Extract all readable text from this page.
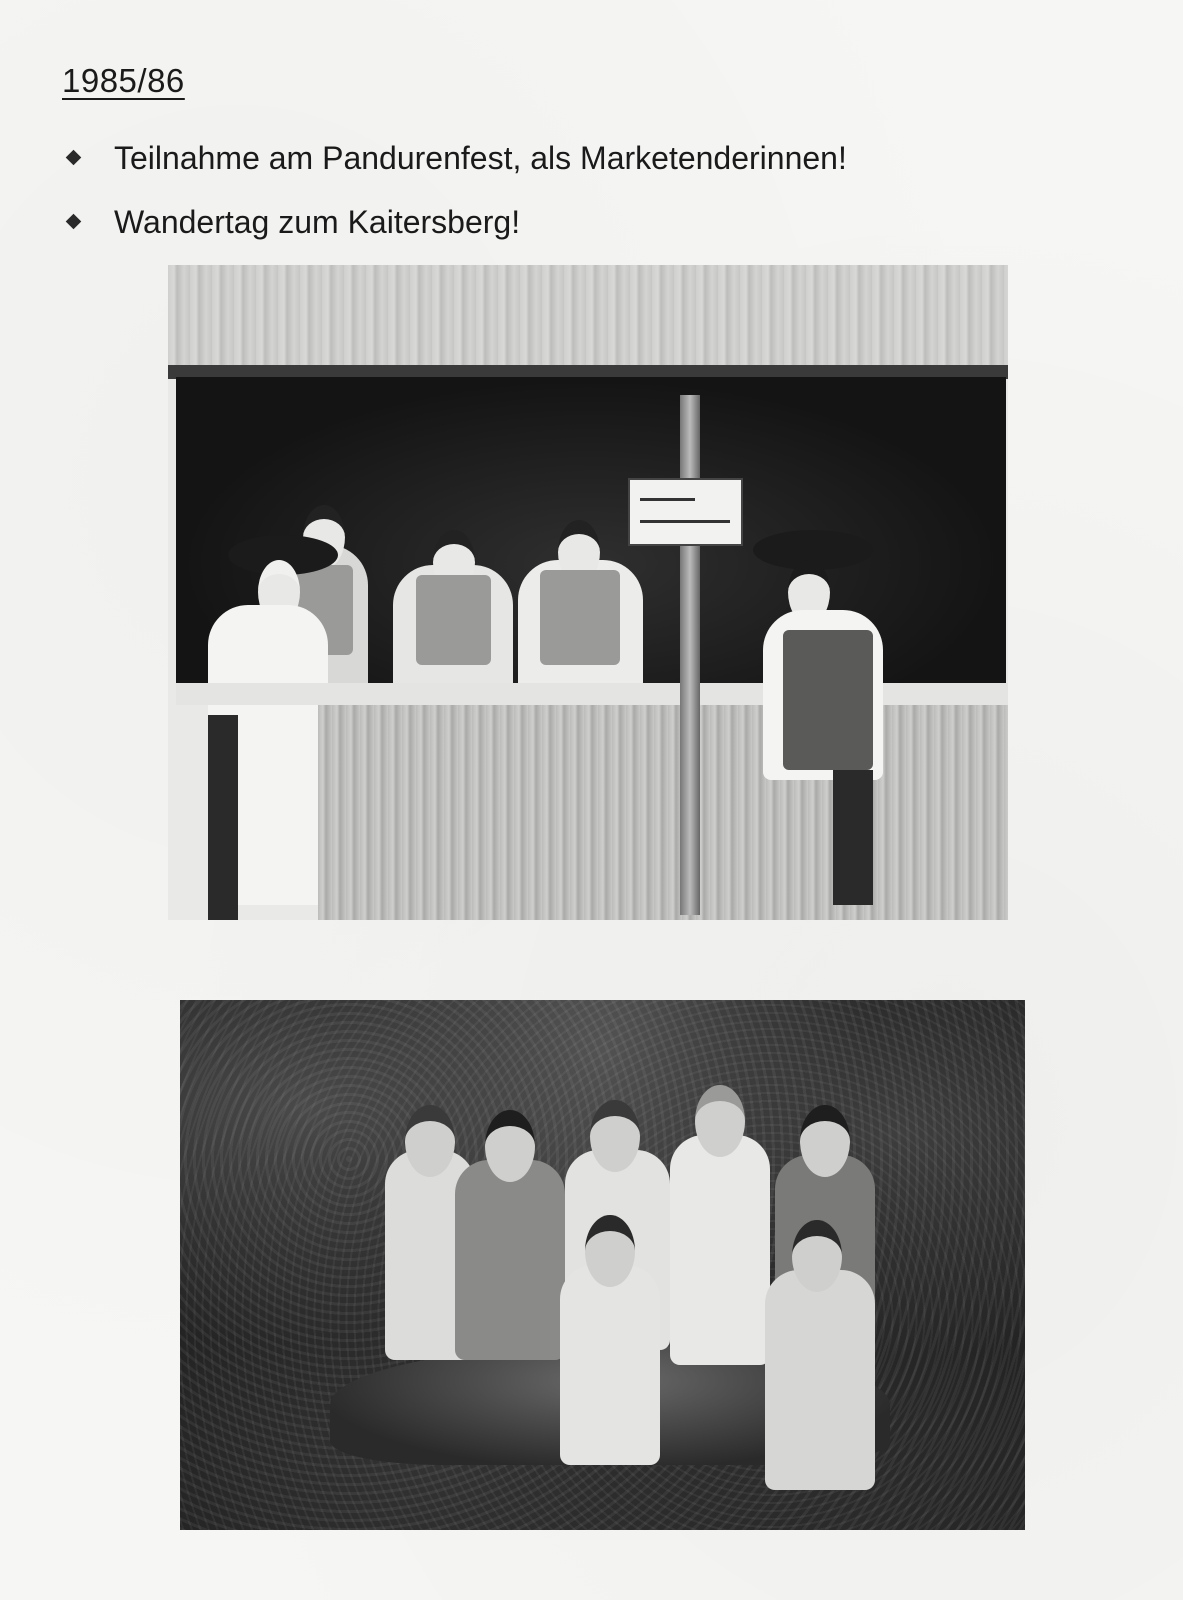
1985/86
Teilnahme am Pandurenfest, als Marketenderinnen!
Wandertag zum Kaitersberg!
